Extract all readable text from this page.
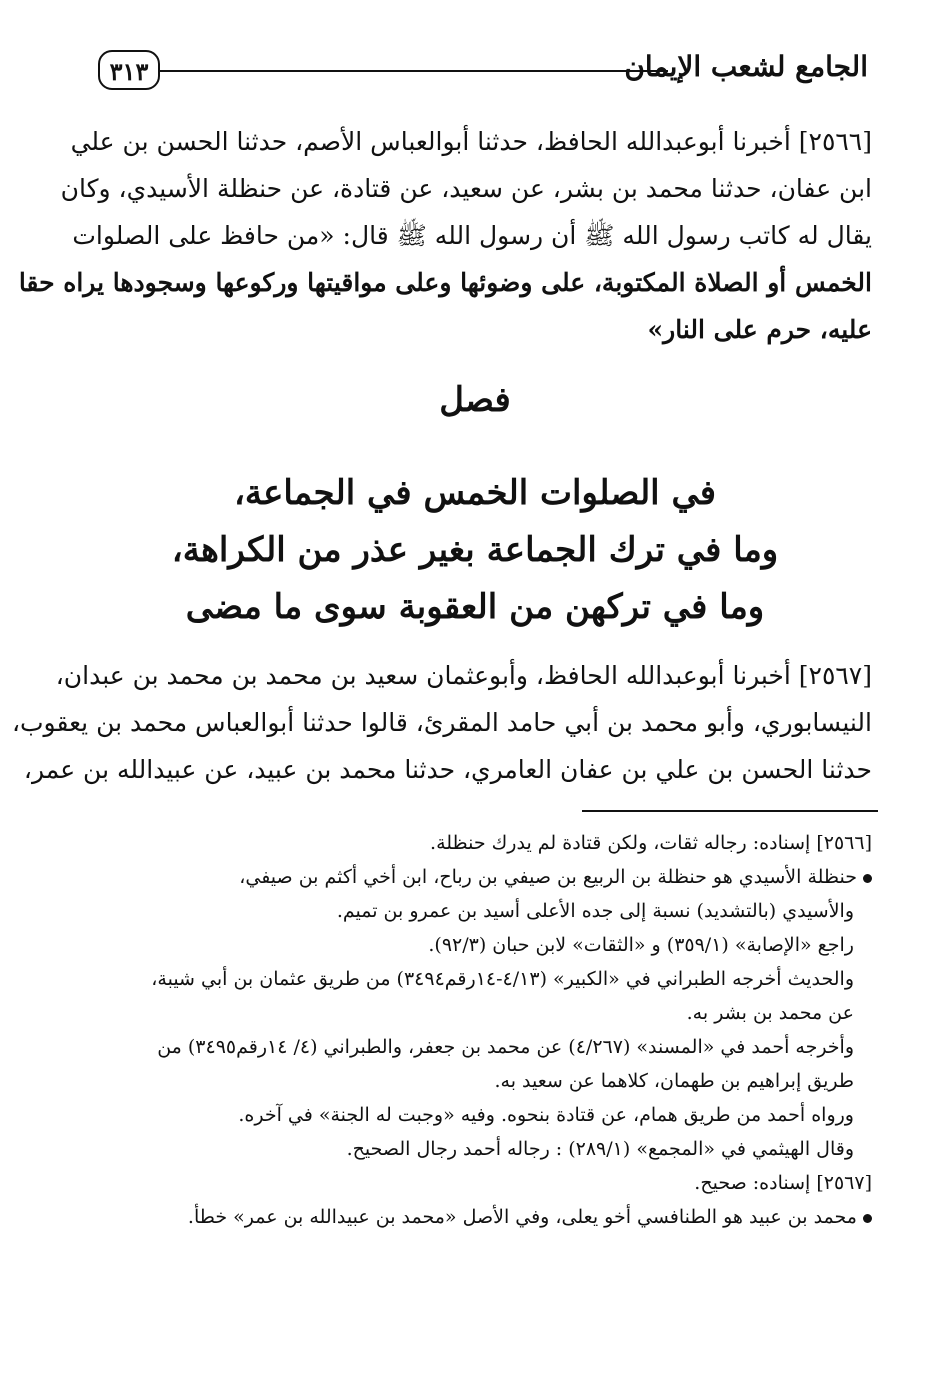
٣١٣	الجامع لشعب الإيمان
[٢٥٦٦] أخبرنا أبوعبدالله الحافظ، حدثنا أبوالعباس الأصم، حدثنا الحسن بن علي
ابن عفان، حدثنا محمد بن بشر، عن سعيد، عن قتادة، عن حنظلة الأسيدي، وكان
يقال له كاتب رسول الله ﷺ أن رسول الله ﷺ قال: «من حافظ على الصلوات
الخمس أو الصلاة المكتوبة، على وضوئها وعلى مواقيتها وركوعها وسجودها يراه حقا
عليه، حرم على النار»
فصل
في الصلوات الخمس في الجماعة،
وما في ترك الجماعة بغير عذر من الكراهة،
وما في تركهن من العقوبة سوى ما مضى
[٢٥٦٧] أخبرنا أبوعبدالله الحافظ، وأبوعثمان سعيد بن محمد بن محمد بن عبدان،
النيسابوري، وأبو محمد بن أبي حامد المقرئ، قالوا حدثنا أبوالعباس محمد بن يعقوب،
حدثنا الحسن بن علي بن عفان العامري، حدثنا محمد بن عبيد، عن عبيدالله بن عمر،
[٢٥٦٦] إسناده: رجاله ثقات، ولكن قتادة لم يدرك حنظلة.
حنظلة الأسيدي هو حنظلة بن الربيع بن صيفي بن رباح، ابن أخي أكثم بن صيفي،
والأسيدي (بالتشديد) نسبة إلى جده الأعلى أسيد بن عمرو بن تميم.
راجع «الإصابة» (٣٥٩/١) و «الثقات» لابن حبان (٩٢/٣).
والحديث أخرجه الطبراني في «الكبير» (٤/١٣-١٤رقم٣٤٩٤) من طريق عثمان بن أبي شيبة،
عن محمد بن بشر به.
وأخرجه أحمد في «المسند» (٤/٢٦٧) عن محمد بن جعفر، والطبراني (٤/ ١٤رقم٣٤٩٥) من
طريق إبراهيم بن طهمان، كلاهما عن سعيد به.
ورواه أحمد من طريق همام، عن قتادة بنحوه. وفيه «وجبت له الجنة» في آخره.
وقال الهيثمي في «المجمع» (٢٨٩/١) : رجاله أحمد رجال الصحيح.
[٢٥٦٧] إسناده: صحيح.
محمد بن عبيد هو الطنافسي أخو يعلى، وفي الأصل «محمد بن عبيدالله بن عمر» خطأ.
